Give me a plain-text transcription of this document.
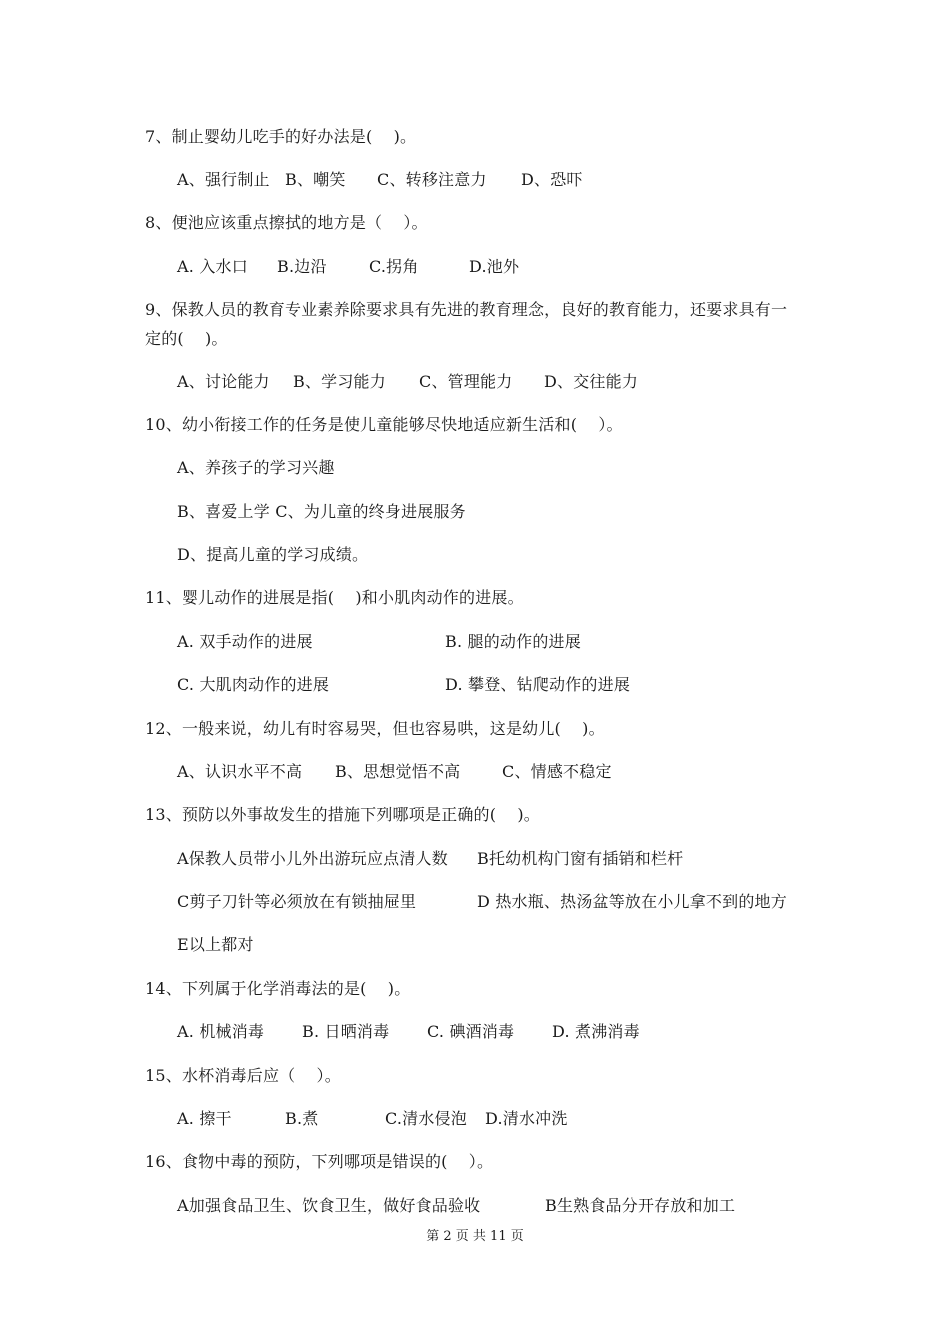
7、制止婴幼儿吃手的好办法是(    )。

A、强行制止

B、嘲笑

C、转移注意力

D、恐吓

8、便池应该重点擦拭的地方是（    ）。

A. 入水口

B.边沿

	C.拐角

	D.池外

9、保教人员的教育专业素养除要求具有先进的教育理念，良好的教育能力，还要求具有一
定的(    )。

A、讨论能力

B、学习能力

C、管理能力

D、交往能力

10、幼小衔接工作的任务是使儿童能够尽快地适应新生活和(    ）。
A、养孩子的学习兴趣
B、喜爱上学 C、为儿童的终身进展服务
D、提高儿童的学习成绩。
11、婴儿动作的进展是指(    )和小肌肉动作的进展。

A. 双手动作的进展

	B. 腿的动作的进展

C. 大肌肉动作的进展

	D. 攀登、钻爬动作的进展

12、一般来说，幼儿有时容易哭，但也容易哄，这是幼儿(    )。

A、认识水平不高

B、思想觉悟不高

	C、情感不稳定

13、预防以外事故发生的措施下列哪项是正确的(    )。

A保教人员带小儿外出游玩应点清人数

B托幼机构门窗有插销和栏杆

C剪子刀针等必须放在有锁抽屉里

	D 热水瓶、热汤盆等放在小儿拿不到的地方

E以上都对
14、下列属于化学消毒法的是(    )。

A. 机械消毒

B. 日晒消毒

C. 碘酒消毒

D. 煮沸消毒

15、水杯消毒后应（    ）。

A. 擦干

	B.煮

	C.清水侵泡

D.清水冲洗

16、食物中毒的预防，下列哪项是错误的(    ）。

A加强食品卫生、饮食卫生，做好食品验收

	B生熟食品分开存放和加工

第 2 页 共 11 页
